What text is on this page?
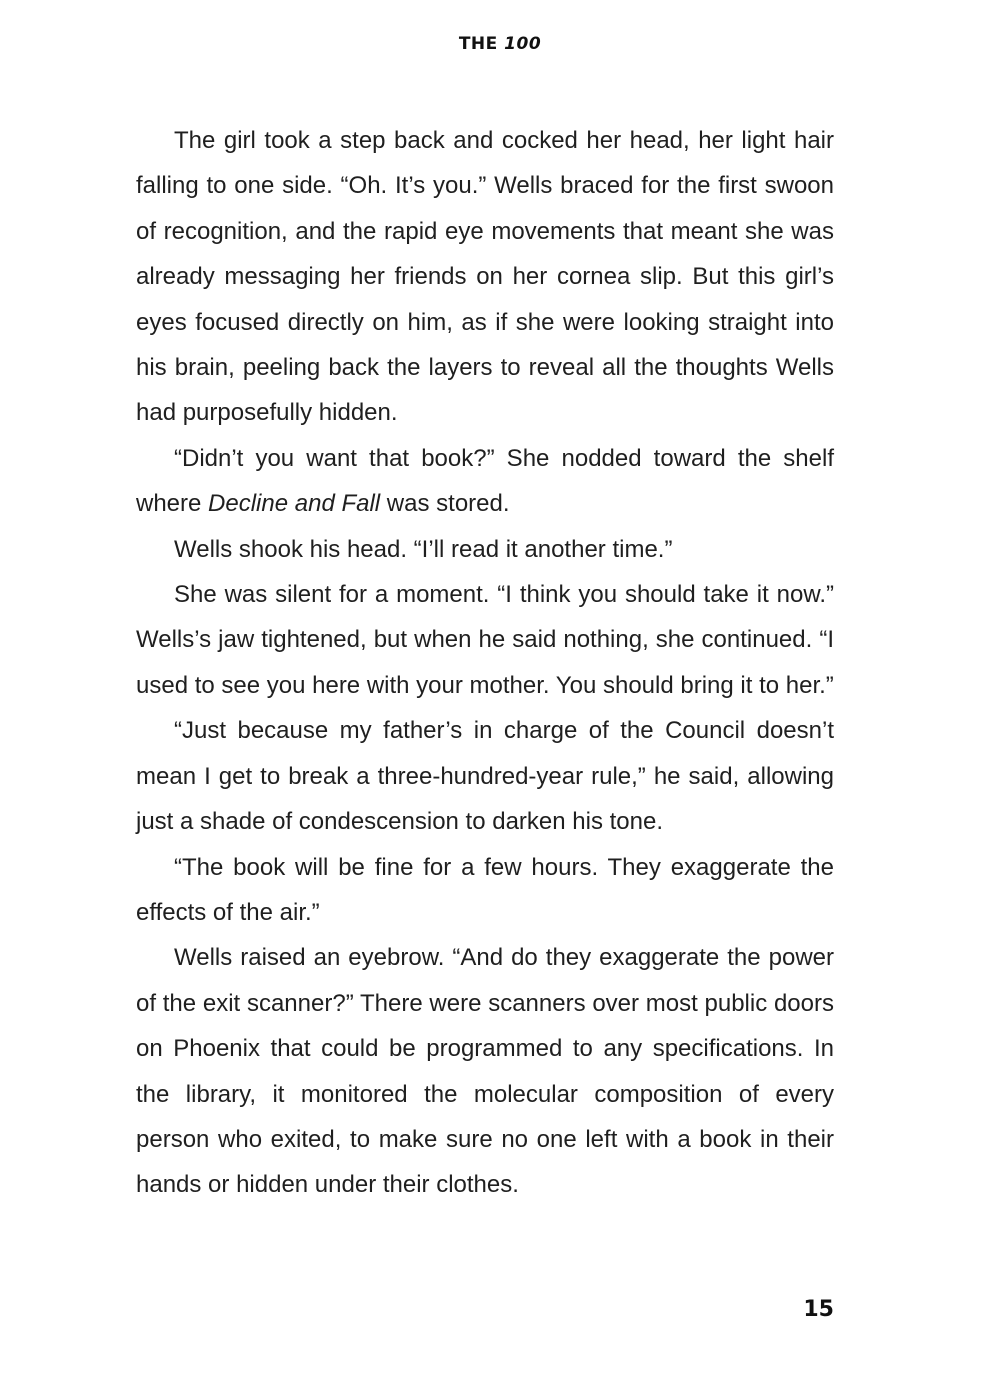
THE 100

The girl took a step back and cocked her head, her light hair falling to one side. “Oh. It’s you.” Wells braced for the first swoon of recognition, and the rapid eye movements that meant she was already messaging her friends on her cornea slip. But this girl’s eyes focused directly on him, as if she were looking straight into his brain, peeling back the layers to reveal all the thoughts Wells had purposefully hidden.

“Didn’t you want that book?” She nodded toward the shelf where Decline and Fall was stored.

Wells shook his head. “I’ll read it another time.”

She was silent for a moment. “I think you should take it now.” Wells’s jaw tightened, but when he said nothing, she continued. “I used to see you here with your mother. You should bring it to her.”

“Just because my father’s in charge of the Council doesn’t mean I get to break a three-hundred-year rule,” he said, allowing just a shade of condescension to darken his tone.

“The book will be fine for a few hours. They exaggerate the effects of the air.”

Wells raised an eyebrow. “And do they exaggerate the power of the exit scanner?” There were scanners over most public doors on Phoenix that could be programmed to any specifications. In the library, it monitored the molecular composition of every person who exited, to make sure no one left with a book in their hands or hidden under their clothes.

15
